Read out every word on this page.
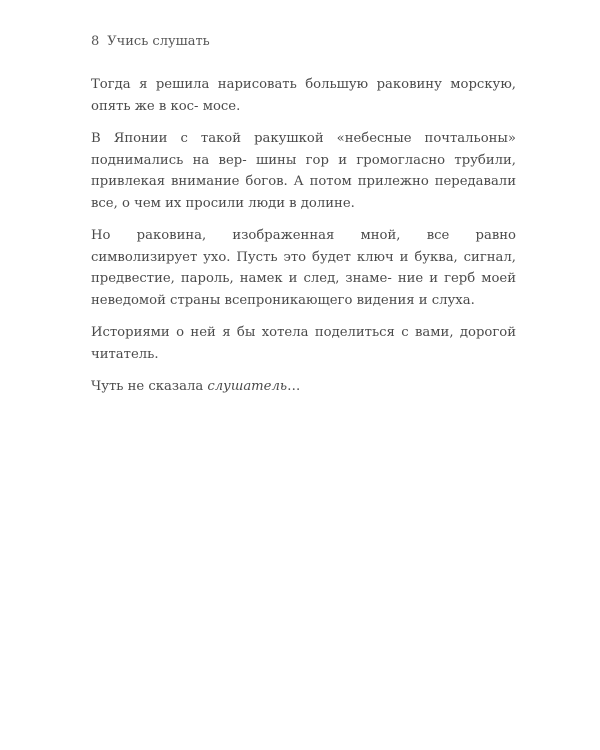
8 Учись слушать

Тогда я решила нарисовать большую раковину морскую, опять же в кос- мосе.

В Японии с такой ракушкой «небесные почтальоны» поднимались на вер- шины гор и громогласно трубили, привлекая внимание богов. А потом прилежно передавали все, о чем их просили люди в долине.

Но раковина, изображенная мной, все равно символизирует ухо. Пусть это будет ключ и буква, сигнал, предвестие, пароль, намек и след, знаме- ние и герб моей неведомой страны всепроникающего видения и слуха.

Историями о ней я бы хотела поделиться с вами, дорогой читатель.

Чуть не сказала слушатель…
